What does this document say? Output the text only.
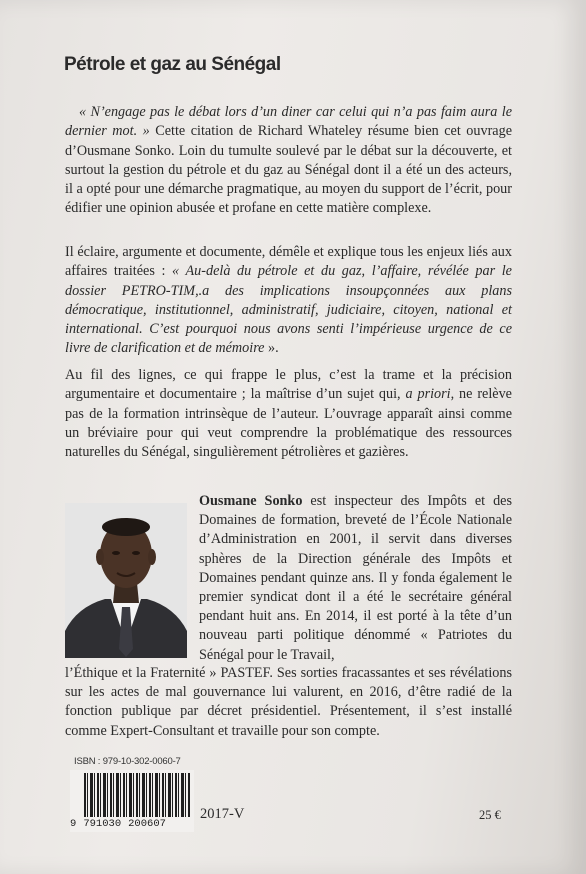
Pétrole et gaz au Sénégal

« N’engage pas le débat lors d’un diner car celui qui n’a pas faim aura le dernier mot. » Cette citation de Richard Whateley résume bien cet ouvrage d’Ousmane Sonko. Loin du tumulte soulevé par le débat sur la découverte, et surtout la gestion du pétrole et du gaz au Sénégal dont il a été un des acteurs, il a opté pour une démarche pragmatique, au moyen du support de l’écrit, pour édifier une opinion abusée et profane en cette matière complexe.

Il éclaire, argumente et documente, démêle et explique tous les enjeux liés aux affaires traitées : « Au-delà du pétrole et du gaz, l’affaire, révélée par le dossier PETRO-TIM,.a des implications insoupçonnées aux plans démocratique, institutionnel, administratif, judiciaire, citoyen, national et international. C’est pourquoi nous avons senti l’impérieuse urgence de ce livre de clarification et de mémoire ».

Au fil des lignes, ce qui frappe le plus, c’est la trame et la précision argumentaire et documentaire ; la maîtrise d’un sujet qui, a priori, ne relève pas de la formation intrinsèque de l’auteur. L’ouvrage apparaît ainsi comme un bréviaire pour qui veut comprendre la problématique des ressources naturelles du Sénégal, singulièrement pétrolières et gazières.

Ousmane Sonko est inspecteur des Impôts et des Domaines de formation, breveté de l’École Nationale d’Administration en 2001, il servit dans diverses sphères de la Direction générale des Impôts et Domaines pendant quinze ans. Il y fonda également le premier syndicat dont il a été le secrétaire général pendant huit ans. En 2014, il est porté à la tête d’un nouveau parti politique dénommé « Patriotes du Sénégal pour le Travail,

l’Éthique et la Fraternité » PASTEF. Ses sorties fracassantes et ses révélations sur les actes de mal gouvernance lui valurent, en 2016, d’être radié de la fonction publique par décret présidentiel. Présentement, il s’est installé comme Expert-Consultant et travaille pour son compte.

ISBN : 979-10-302-0060-7
9 791030 200607
2017-V	25 €
